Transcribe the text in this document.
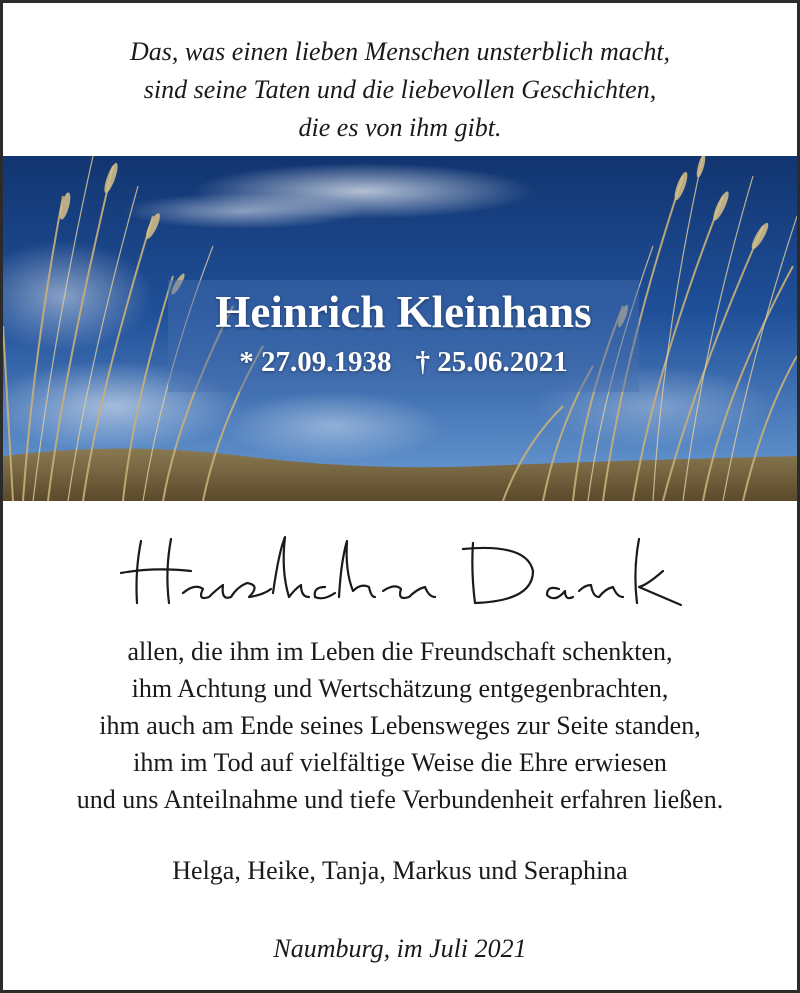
Das, was einen lieben Menschen unsterblich macht,
sind seine Taten und die liebevollen Geschichten,
die es von ihm gibt.
Heinrich Kleinhans
* 27.09.1938 † 25.06.2021
allen, die ihm im Leben die Freundschaft schenkten,
ihm Achtung und Wertschätzung entgegenbrachten,
ihm auch am Ende seines Lebensweges zur Seite standen,
ihm im Tod auf vielfältige Weise die Ehre erwiesen
und uns Anteilnahme und tiefe Verbundenheit erfahren ließen.
Helga, Heike, Tanja, Markus und Seraphina
Naumburg, im Juli 2021
